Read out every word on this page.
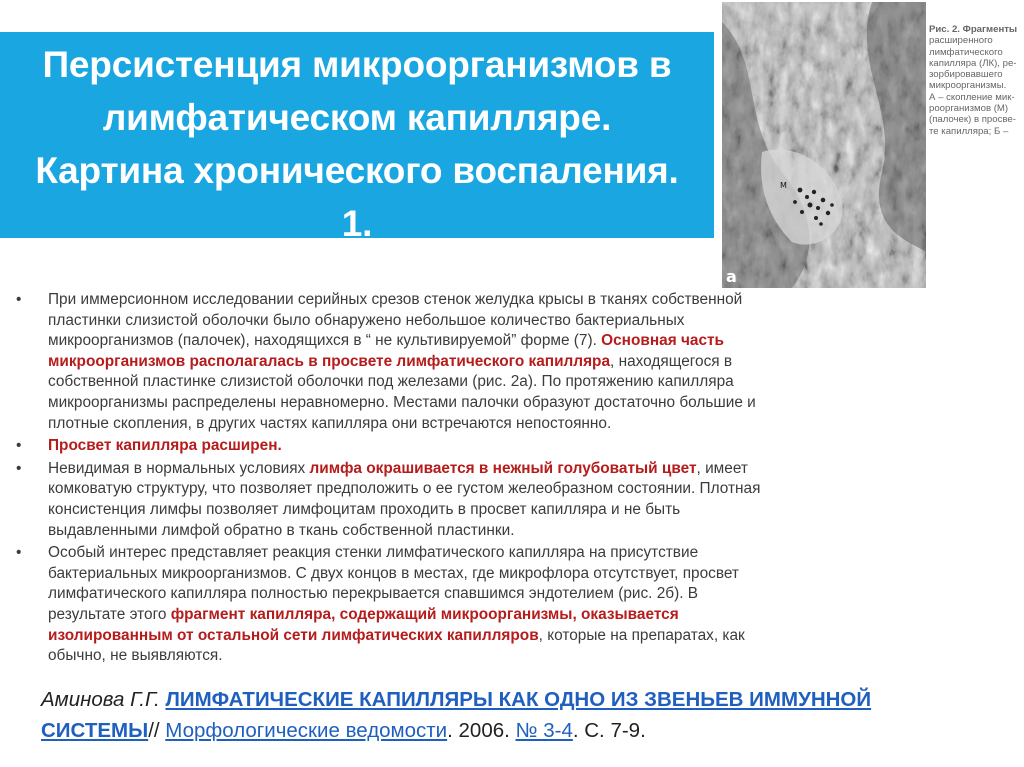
Персистенция микроорганизмов в
лимфатическом капилляре.
Картина хронического воспаления.
1.
М
а
Рис. 2. Фрагменты
расширенного
лимфатического
капилляра (ЛК), ре-
зорбировавшего
микроорганизмы.
А – скопление мик-
роорганизмов (М)
(палочек) в просве-
те капилляра; Б –
• При иммерсионном исследовании серийных срезов стенок желудка крысы в тканях собственной
пластинки слизистой оболочки было обнаружено небольшое количество бактериальных
микроорганизмов (палочек), находящихся в “ не культивируемой” форме (7). Основная часть
микроорганизмов располагалась в просвете лимфатического капилляра, находящегося в
собственной пластинке слизистой оболочки под железами (рис. 2а). По протяжению капилляра
микроорганизмы распределены неравномерно. Местами палочки образуют достаточно большие и
плотные скопления, в других частях капилляра они встречаются непостоянно.
• Просвет капилляра расширен.
• Невидимая в нормальных условиях лимфа окрашивается в нежный голубоватый цвет, имеет
комковатую структуру, что позволяет предположить о ее густом желеобразном состоянии. Плотная
консистенция лимфы позволяет лимфоцитам проходить в просвет капилляра и не быть
выдавленными лимфой обратно в ткань собственной пластинки.
• Особый интерес представляет реакция стенки лимфатического капилляра на присутствие
бактериальных микроорганизмов. С двух концов в местах, где микрофлора отсутствует, просвет
лимфатического капилляра полностью перекрывается спавшимся эндотелием (рис. 2б). В
результате этого фрагмент капилляра, содержащий микроорганизмы, оказывается
изолированным от остальной сети лимфатических капилляров, которые на препаратах, как
обычно, не выявляются.
Аминова Г.Г. ЛИМФАТИЧЕСКИЕ КАПИЛЛЯРЫ КАК ОДНО ИЗ ЗВЕНЬЕВ ИММУННОЙ
СИСТЕМЫ// Морфологические ведомости. 2006. № 3-4. С. 7-9.
